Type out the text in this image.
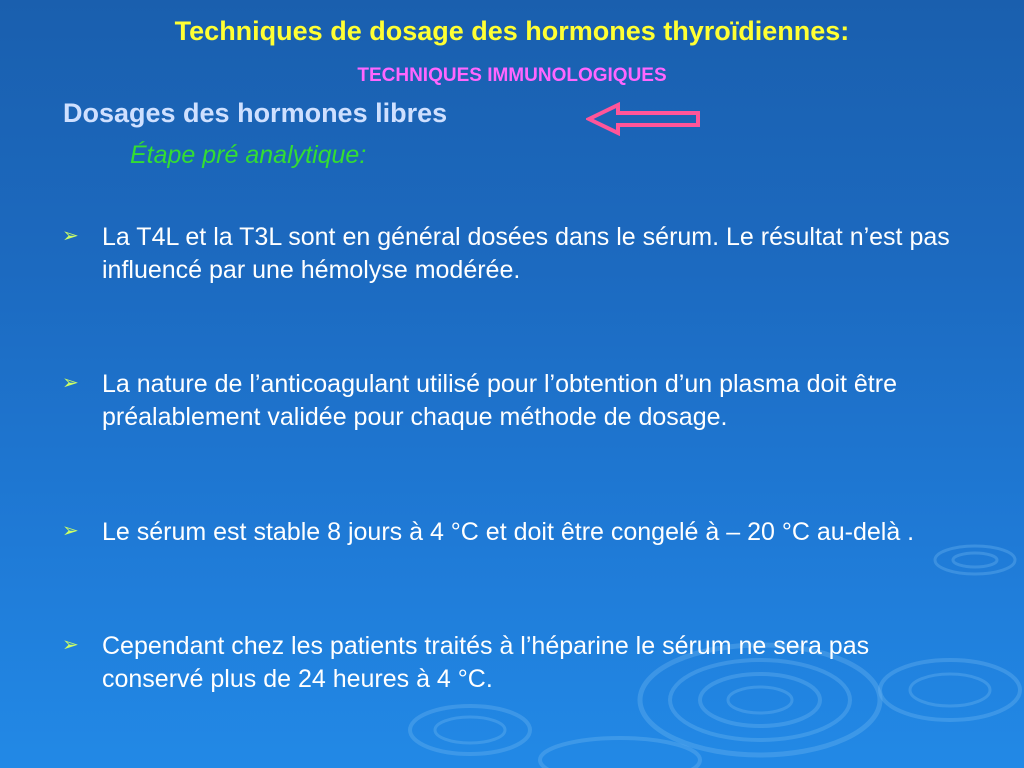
Techniques de dosage des hormones thyroïdiennes:
TECHNIQUES IMMUNOLOGIQUES
Dosages des hormones libres
Étape pré analytique:
➢ La T4L et la T3L sont en général dosées dans le sérum. Le résultat n’est pas influencé par une hémolyse modérée.
➢ La nature de l’anticoagulant utilisé pour l’obtention d’un plasma doit être préalablement validée pour chaque méthode de dosage.
➢ Le sérum est stable 8 jours à 4 °C et doit être congelé à – 20 °C au-delà .
➢ Cependant chez les patients traités à l’héparine le sérum ne sera pas conservé plus de 24 heures à 4 °C.
